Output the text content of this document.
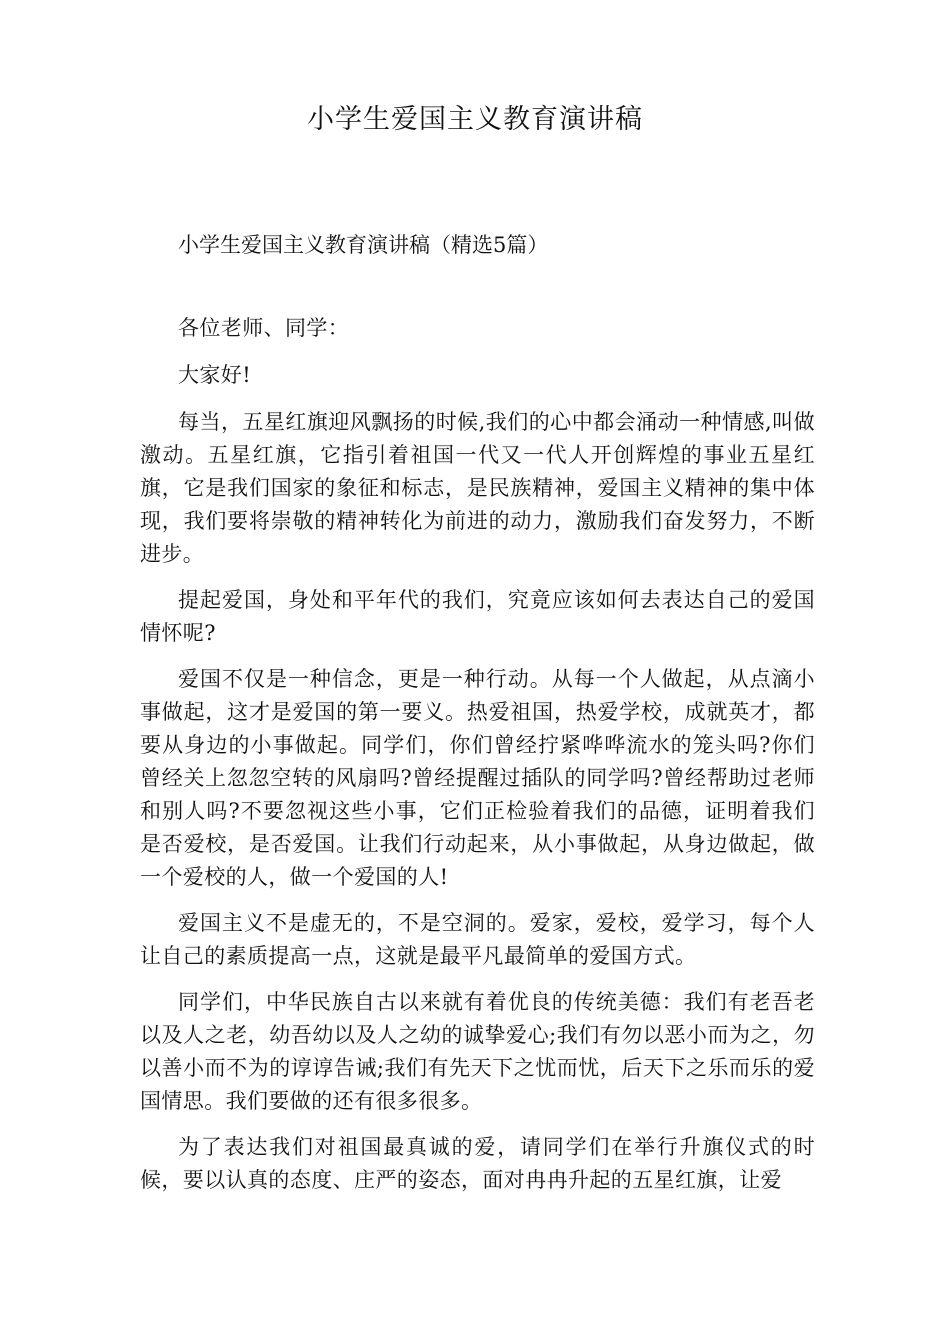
小学生爱国主义教育演讲稿

小学生爱国主义教育演讲稿（精选5篇）

各位老师、同学：

大家好!

每当，五星红旗迎风飘扬的时候,我们的心中都会涌动一种情感,叫做激动。五星红旗，它指引着祖国一代又一代人开创辉煌的事业五星红旗，它是我们国家的象征和标志，是民族精神，爱国主义精神的集中体现，我们要将崇敬的精神转化为前进的动力，激励我们奋发努力，不断进步。

提起爱国，身处和平年代的我们，究竟应该如何去表达自己的爱国情怀呢?

爱国不仅是一种信念，更是一种行动。从每一个人做起，从点滴小事做起，这才是爱国的第一要义。热爱祖国，热爱学校，成就英才，都要从身边的小事做起。同学们，你们曾经拧紧哗哗流水的笼头吗?你们曾经关上忽忽空转的风扇吗?曾经提醒过插队的同学吗?曾经帮助过老师和别人吗?不要忽视这些小事，它们正检验着我们的品德，证明着我们是否爱校，是否爱国。让我们行动起来，从小事做起，从身边做起，做一个爱校的人，做一个爱国的人!

爱国主义不是虚无的，不是空洞的。爱家，爱校，爱学习，每个人让自己的素质提高一点，这就是最平凡最简单的爱国方式。

同学们，中华民族自古以来就有着优良的传统美德：我们有老吾老以及人之老，幼吾幼以及人之幼的诚挚爱心;我们有勿以恶小而为之，勿以善小而不为的谆谆告诫;我们有先天下之忧而忧，后天下之乐而乐的爱国情思。我们要做的还有很多很多。

为了表达我们对祖国最真诚的爱，请同学们在举行升旗仪式的时候，要以认真的态度、庄严的姿态，面对冉冉升起的五星红旗，让爱
